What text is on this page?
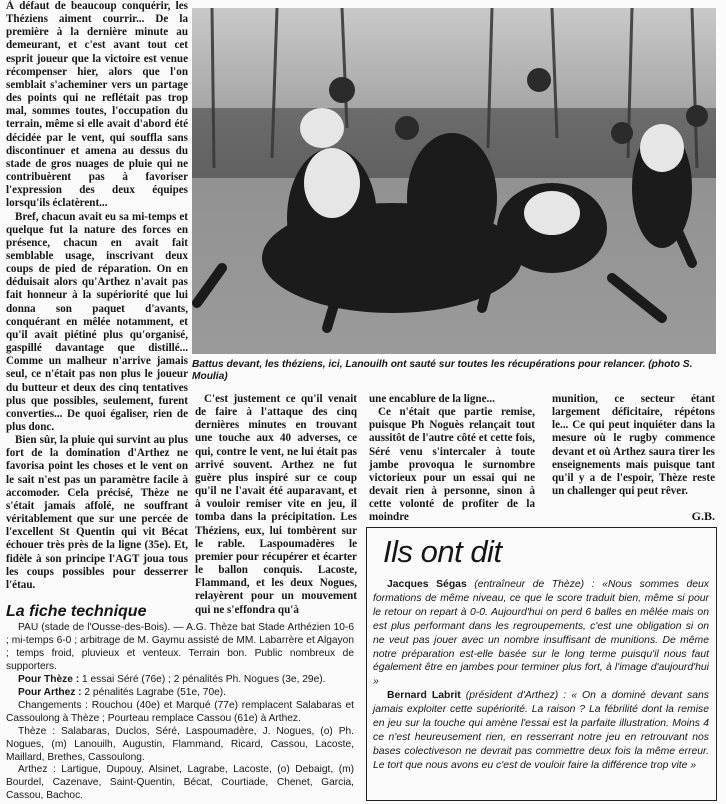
À défaut de beaucoup conquérir, les Théziens aiment courrir... De la première à la dernière minute au demeurant, et c'est avant tout cet esprit joueur que la victoire est venue récompenser hier, alors que l'on semblait s'acheminer vers un partage des points qui ne reflétait pas trop mal, sommes toutes, l'occupation du terrain, même si elle avait d'abord été décidée par le vent, qui souffla sans discontinuer et amena au dessus du stade de gros nuages de pluie qui ne contribuèrent pas à favoriser l'expression des deux équipes lorsqu'ils éclatèrent...

Bref, chacun avait eu sa mi-temps et quelque fut la nature des forces en présence, chacun en avait fait semblable usage, inscrivant deux coups de pied de réparation. On en déduisait alors qu'Arthez n'avait pas fait honneur à la supériorité que lui donna son paquet d'avants, conquérant en mêlée notamment, et qu'il avait piétiné plus qu'organisé, gaspillé davantage que distillé... Comme un malheur n'arrive jamais seul, ce n'était pas non plus le joueur du butteur et deux des cinq tentatives plus que possibles, seulement, furent converties... De quoi égaliser, rien de plus donc.

Bien sûr, la pluie qui survint au plus fort de la domination d'Arthez ne favorisa point les choses et le vent on le sait n'est pas un paramètre facile à accomoder. Cela précisé, Thèze ne s'était jamais affolé, ne souffrant véritablement que sur une percée de l'excellent St Quentin qui vit Bécat échouer très près de la ligne (35e). Et, fidèle à son principe l'AGT joua tous les coups possibles pour desserrer l'étau.

Battus devant, les théziens, ici, Lanouilh ont sauté sur toutes les récupérations pour relancer. (photo S. Moulia)

C'est justement ce qu'il venait de faire à l'attaque des cinq dernières minutes en trouvant une touche aux 40 adverses, ce qui, contre le vent, ne lui était pas arrivé souvent. Arthez ne fut guère plus inspiré sur ce coup qu'il ne l'avait été auparavant, et à vouloir remiser vite en jeu, il tomba dans la précipitation. Les Théziens, eux, lui tombèrent sur le rable. Laspoumadères le premier pour récupérer et écarter le ballon conquis. Lacoste, Flammand, et les deux Nogues, relayèrent pour un mouvement qui ne s'effondra qu'à

une encablure de la ligne...

Ce n'était que partie remise, puisque Ph Noguès relançait tout aussitôt de l'autre côté et cette fois, Séré venu s'intercaler à toute jambe provoqua le surnombre victorieux pour un essai qui ne devait rien à personne, sinon à cette volonté de profiter de la moindre

munition, ce secteur étant largement déficitaire, répétons le... Ce qui peut inquiéter dans la mesure où le rugby commence devant et où Arthez saura tirer les enseignements mais puisque tant qu'il y a de l'espoir, Thèze reste un challenger qui peut rêver.

G.B.
Ils ont dit

Jacques Ségas (entraîneur de Thèze) : «Nous sommes deux formations de même niveau, ce que le score traduit bien, même si pour le retour on repart à 0-0. Aujourd'hui on perd 6 balles en mêlée mais on est plus performant dans les regroupements, c'est une obligation si on ne veut pas jouer avec un nombre insuffisant de munitions. De même notre préparation est-elle basée sur le long terme puisqu'il nous faut également être en jambes pour terminer plus fort, à l'image d'aujourd'hui »

Bernard Labrit (président d'Arthez) : « On a dominé devant sans jamais exploiter cette supériorité. La raison ? La fébrilité dont la remise en jeu sur la touche qui amène l'essai est la parfaite illustration. Moins 4 ce n'est heureusement rien, en resserrant notre jeu en retrouvant nos bases colectiveson ne devrait pas commettre deux fois la même erreur. Le tort que nous avons eu c'est de vouloir faire la différence trop vite »

La fiche technique

PAU (stade de l'Ousse-des-Bois). — A.G. Thèze bat Stade Arthézien 10-6 ; mi-temps 6-0 ; arbitrage de M. Gaymu assisté de MM. Labarrère et Algayon ; temps froid, pluvieux et venteux. Terrain bon. Public nombreux de supporters.

Pour Thèze : 1 essai Séré (76e) ; 2 pénalités Ph. Nogues (3e, 29e).

Pour Arthez : 2 pénalités Lagrabe (51e, 70e).

Changements : Rouchou (40e) et Marqué (77e) remplacent Salabaras et Cassoulong à Thèze ; Pourteau remplace Cassou (61e) à Arthez.

Thèze : Salabaras, Duclos, Séré, Laspoumadère, J. Nogues, (o) Ph. Nogues, (m) Lanouilh, Augustin, Flammand, Ricard, Cassou, Lacoste, Maillard, Brethes, Cassoulong.

Arthez : Lartigue, Dupouy, Alsinet, Lagrabe, Lacoste, (o) Debaigt, (m) Bourdel, Cazenave, Saint-Quentin, Bécat, Courtiade, Chenet, Garcia, Cassou, Bachoc.
